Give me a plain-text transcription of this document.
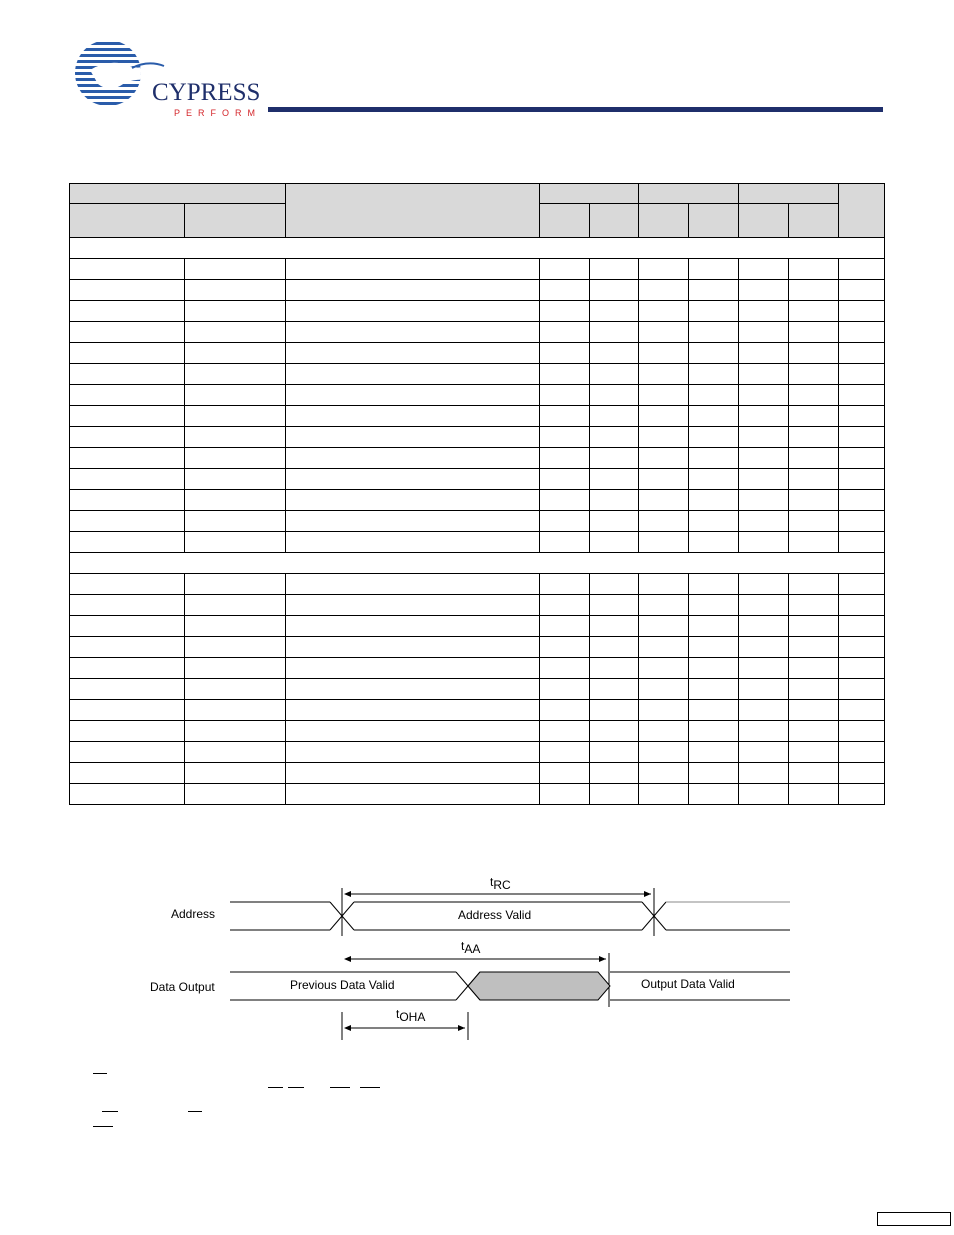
CYPRESS
PERFORM

Address
Data Output
Address Valid
tRC
tAA
Previous Data Valid	Output Data Valid
tOHA
